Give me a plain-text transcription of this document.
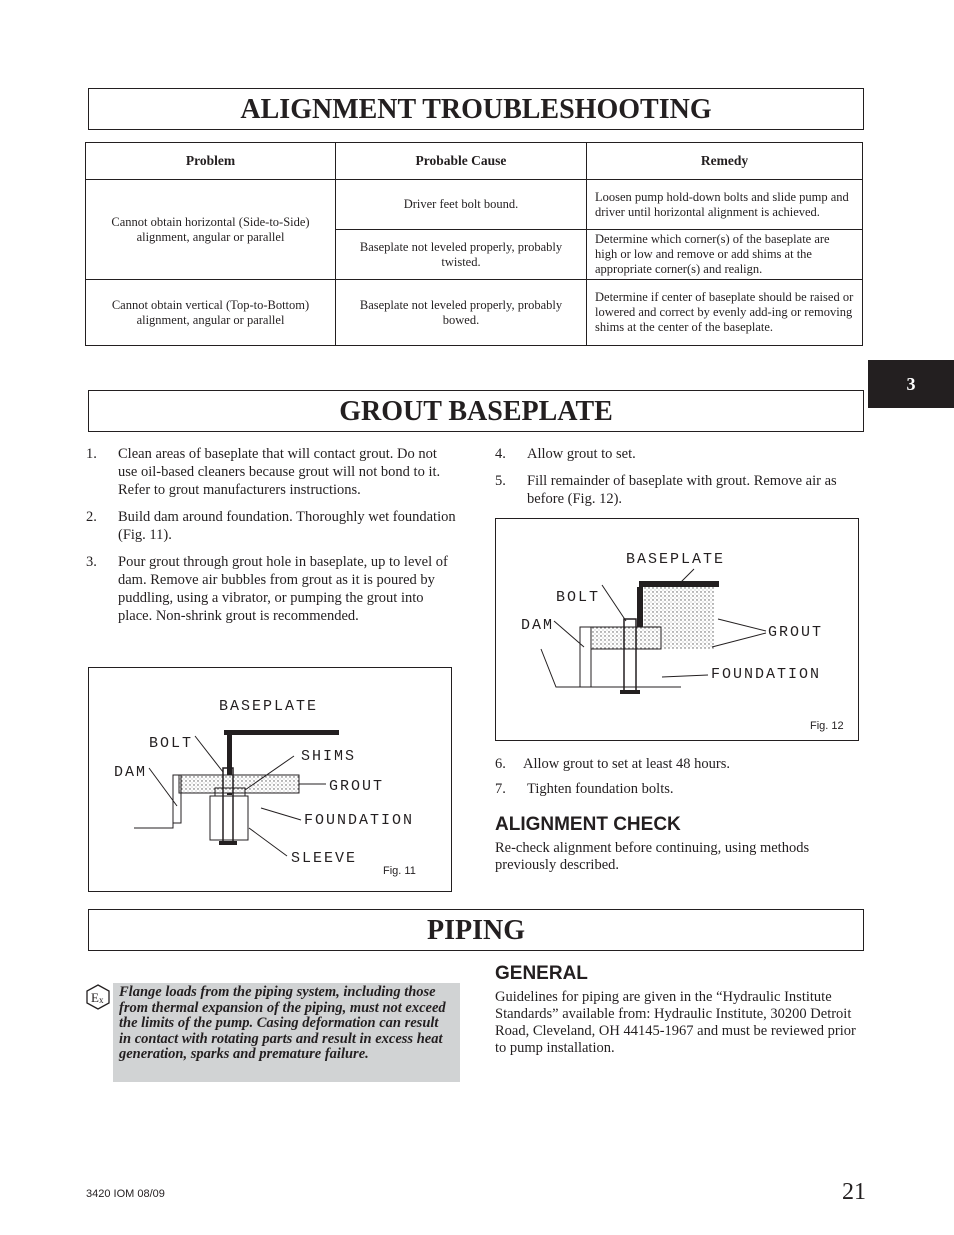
ALIGNMENT TROUBLESHOOTING
Problem	Probable Cause	Remedy
Cannot obtain horizontal (Side-to-Side) alignment, angular or parallel	Driver feet bolt bound.	Loosen pump hold-down bolts and slide pump and driver until horizontal alignment is achieved.
	Baseplate not leveled properly, probably twisted.	Determine which corner(s) of the baseplate are high or low and remove or add shims at the appropriate corner(s) and realign.
Cannot obtain vertical (Top-to-Bottom) alignment, angular or parallel	Baseplate not leveled properly, probably bowed.	Determine if center of baseplate should be raised or lowered and correct by evenly add-ing or removing shims at the center of the baseplate.
3
GROUT BASEPLATE
1. Clean areas of baseplate that will contact grout. Do not use oil-based cleaners because grout will not bond to it. Refer to grout manufacturers instructions.
2. Build dam around foundation. Thoroughly wet foundation (Fig. 11).
3. Pour grout through grout hole in baseplate, up to level of dam. Remove air bubbles from grout as it is poured by puddling, using a vibrator, or pumping the grout into place. Non-shrink grout is recommended.
4. Allow grout to set.
5. Fill remainder of baseplate with grout. Remove air as before (Fig. 12).
BASEPLATE
BOLT
DAM	GROUT
FOUNDATION
Fig. 12
BASEPLATE
BOLT
SHIMS
DAM
GROUT
FOUNDATION
SLEEVE
Fig. 11
6. Allow grout to set at least 48 hours.
7. Tighten foundation bolts.
ALIGNMENT CHECK
Re-check alignment before continuing, using methods previously described.
PIPING
E x	Flange loads from the piping system, including those from thermal expansion of the piping, must not exceed the limits of the pump. Casing deformation can result in contact with rotating parts and result in excess heat generation, sparks and premature failure.
GENERAL
Guidelines for piping are given in the “Hydraulic Institute Standards” available from: Hydraulic Institute, 30200 Detroit Road, Cleveland, OH 44145-1967 and must be reviewed prior to pump installation.
3420 IOM 08/09	21
